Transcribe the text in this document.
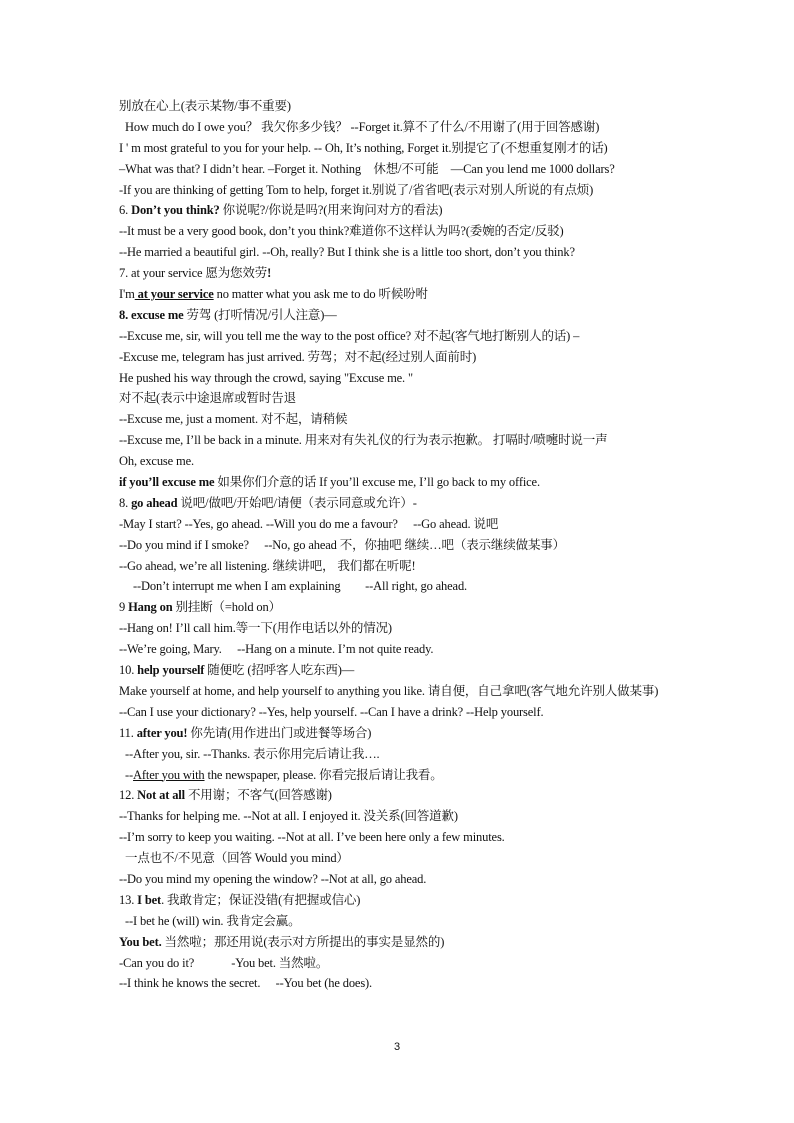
别放在心上(表示某物/事不重要)
How much do I owe you？ 我欠你多少钱？ --Forget it.算不了什么/不用谢了(用于回答感谢)
I ' m most grateful to you for your help. -- Oh, It’s nothing, Forget it.别提它了(不想重复刚才的话)
–What was that? I didn’t hear. –Forget it. Nothing　休想/不可能　—Can you lend me 1000 dollars?
-If you are thinking of getting Tom to help, forget it.别说了/省省吧(表示对别人所说的有点烦)
6. Don’t you think? 你说呢?/你说是吗?(用来询问对方的看法)
--It must be a very good book, don’t you think?难道你不这样认为吗?(委婉的否定/反驳)
--He married a beautiful girl. --Oh, really? But I think she is a little too short, don’t you think?
7. at your service 愿为您效劳!
I'm at your service no matter what you ask me to do 听候吩咐
8. excuse me 劳驾 (打听情况/引人注意)—
--Excuse me, sir, will you tell me the way to the post office? 对不起(客气地打断别人的话) –
-Excuse me, telegram has just arrived. 劳驾；对不起(经过别人面前时)
He pushed his way through the crowd, saying "Excuse me. "
对不起(表示中途退席或暂时告退
--Excuse me, just a moment. 对不起，请稍候
--Excuse me, I’ll be back in a minute. 用来对有失礼仪的行为表示抱歉。 打嗝时/喷嚏时说一声
Oh, excuse me.
if you’ll excuse me 如果你们介意的话 If you’ll excuse me, I’ll go back to my office.
8. go ahead 说吧/做吧/开始吧/请便（表示同意或允许）-
-May I start? --Yes, go ahead. --Will you do me a favour?　 --Go ahead. 说吧
--Do you mind if I smoke?　 --No, go ahead 不，你抽吧 继续…吧（表示继续做某事）
--Go ahead, we’re all listening. 继续讲吧， 我们都在听呢!
--Don’t interrupt me when I am explaining　　--All right, go ahead.
9 Hang on 别挂断（=hold on）
--Hang on! I’ll call him.等一下(用作电话以外的情况)
--We’re going, Mary.　 --Hang on a minute. I’m not quite ready.
10. help yourself 随便吃 (招呼客人吃东西)—
Make yourself at home, and help yourself to anything you like. 请自便，自己拿吧(客气地允许别人做某事)
--Can I use your dictionary? --Yes, help yourself. --Can I have a drink? --Help yourself.
11. after you! 你先请(用作进出门或进餐等场合)
--After you, sir. --Thanks. 表示你用完后请让我….
--After you with the newspaper, please. 你看完报后请让我看。
12. Not at all 不用谢；不客气(回答感谢)
--Thanks for helping me. --Not at all. I enjoyed it. 没关系(回答道歉)
--I’m sorry to keep you waiting. --Not at all. I’ve been here only a few minutes.
一点也不/不见意（回答 Would you mind）
--Do you mind my opening the window? --Not at all, go ahead.
13. I bet. 我敢肯定；保证没错(有把握或信心)
--I bet he (will) win. 我肯定会赢。
You bet. 当然啦；那还用说(表示对方所提出的事实是显然的)
-Can you do it?　　　-You bet. 当然啦。
--I think he knows the secret.　 --You bet (he does).
3
